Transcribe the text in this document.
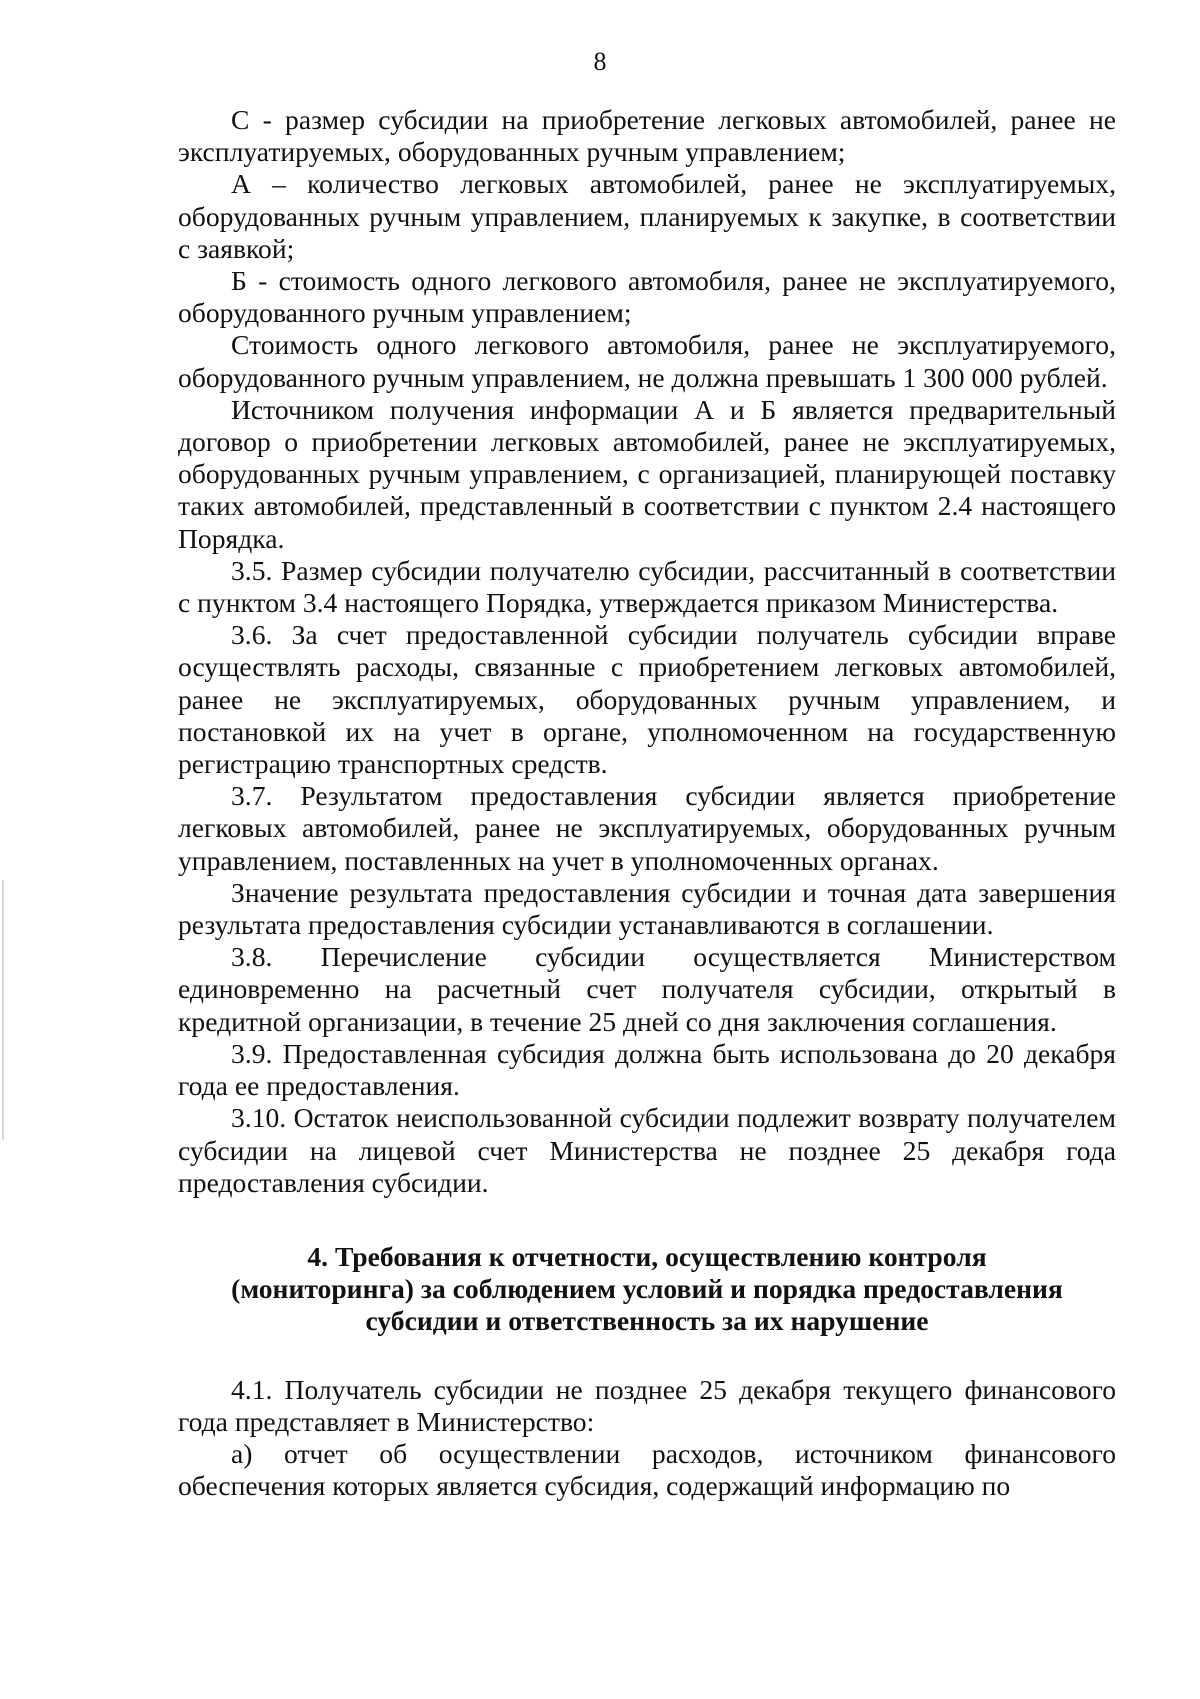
8

С - размер субсидии на приобретение легковых автомобилей, ранее не эксплуатируемых, оборудованных ручным управлением;

А – количество легковых автомобилей, ранее не эксплуатируемых, оборудованных ручным управлением, планируемых к закупке, в соответствии с заявкой;

Б - стоимость одного легкового автомобиля, ранее не эксплуатируемого, оборудованного ручным управлением;

Стоимость одного легкового автомобиля, ранее не эксплуатируемого, оборудованного ручным управлением, не должна превышать 1 300 000 рублей.

Источником получения информации А и Б является предварительный договор о приобретении легковых автомобилей, ранее не эксплуатируемых, оборудованных ручным управлением, с организацией, планирующей поставку таких автомобилей, представленный в соответствии с пунктом 2.4 настоящего Порядка.

3.5. Размер субсидии получателю субсидии, рассчитанный в соответствии с пунктом 3.4 настоящего Порядка, утверждается приказом Министерства.

3.6. За счет предоставленной субсидии получатель субсидии вправе осуществлять расходы, связанные с приобретением легковых автомобилей, ранее не эксплуатируемых, оборудованных ручным управлением, и постановкой их на учет в органе, уполномоченном на государственную регистрацию транспортных средств.

3.7. Результатом предоставления субсидии является приобретение легковых автомобилей, ранее не эксплуатируемых, оборудованных ручным управлением, поставленных на учет в уполномоченных органах.

Значение результата предоставления субсидии и точная дата завершения результата предоставления субсидии устанавливаются в соглашении.

3.8. Перечисление субсидии осуществляется Министерством единовременно на расчетный счет получателя субсидии, открытый в кредитной организации, в течение 25 дней со дня заключения соглашения.

3.9. Предоставленная субсидия должна быть использована до 20 декабря года ее предоставления.

3.10. Остаток неиспользованной субсидии подлежит возврату получателем субсидии на лицевой счет Министерства не позднее 25 декабря года предоставления субсидии.

4. Требования к отчетности, осуществлению контроля
(мониторинга) за соблюдением условий и порядка предоставления
субсидии и ответственность за их нарушение

4.1. Получатель субсидии не позднее 25 декабря текущего финансового года представляет в Министерство:

а) отчет об осуществлении расходов, источником финансового обеспечения которых является субсидия, содержащий информацию по
